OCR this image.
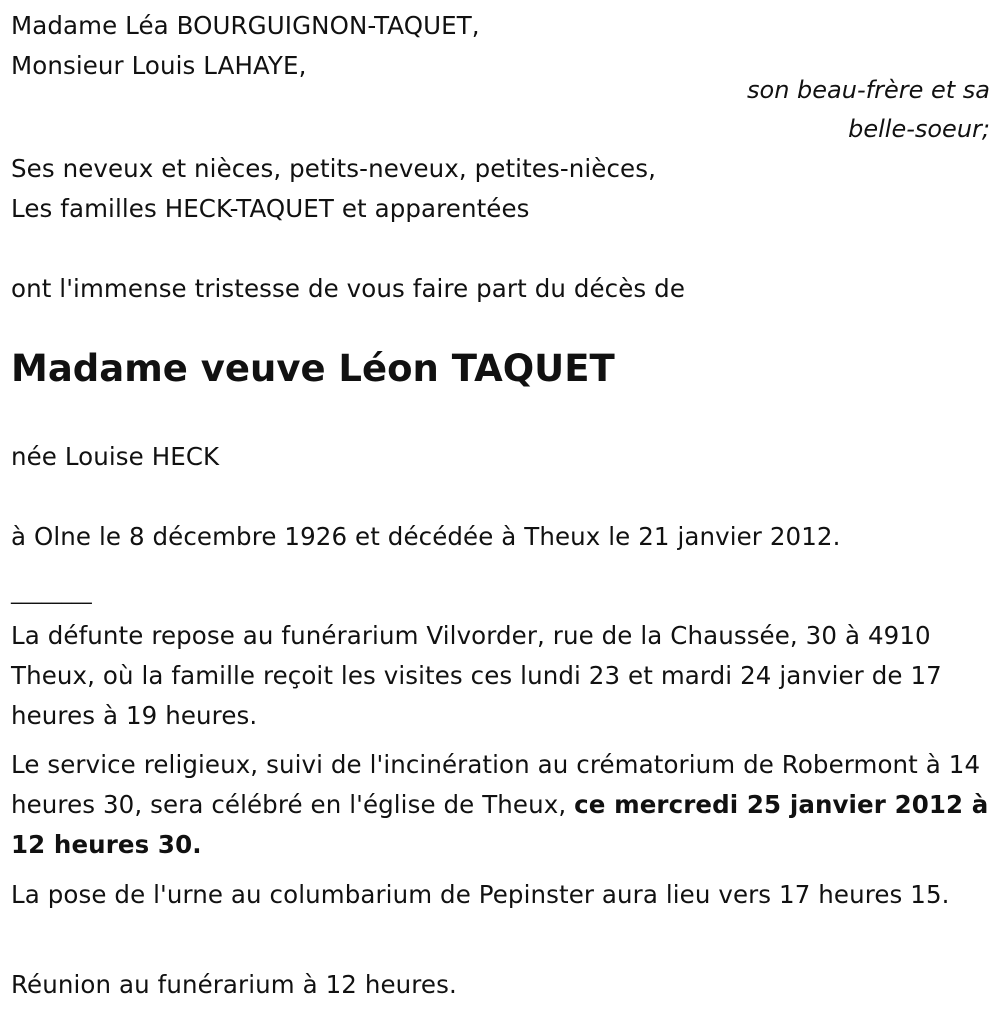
Madame Léa BOURGUIGNON-TAQUET,
Monsieur Louis LAHAYE,
son beau-frère et sa
belle-soeur;
Ses neveux et nièces, petits-neveux, petites-nièces,
Les familles HECK-TAQUET et apparentées
ont l'immense tristesse de vous faire part du décès de
Madame veuve Léon TAQUET
née Louise HECK
à Olne le 8 décembre 1926 et décédée à Theux le 21 janvier 2012.
________
La défunte repose au funérarium Vilvorder, rue de la Chaussée, 30 à 4910 Theux, où la famille reçoit les visites ces lundi 23 et mardi 24 janvier de 17 heures à 19 heures.
Le service religieux, suivi de l'incinération au crématorium de Robermont à 14 heures 30, sera célébré en l'église de Theux, ce mercredi 25 janvier 2012 à 12 heures 30.
La pose de l'urne au columbarium de Pepinster aura lieu vers 17 heures 15.
Réunion au funérarium à 12 heures.
